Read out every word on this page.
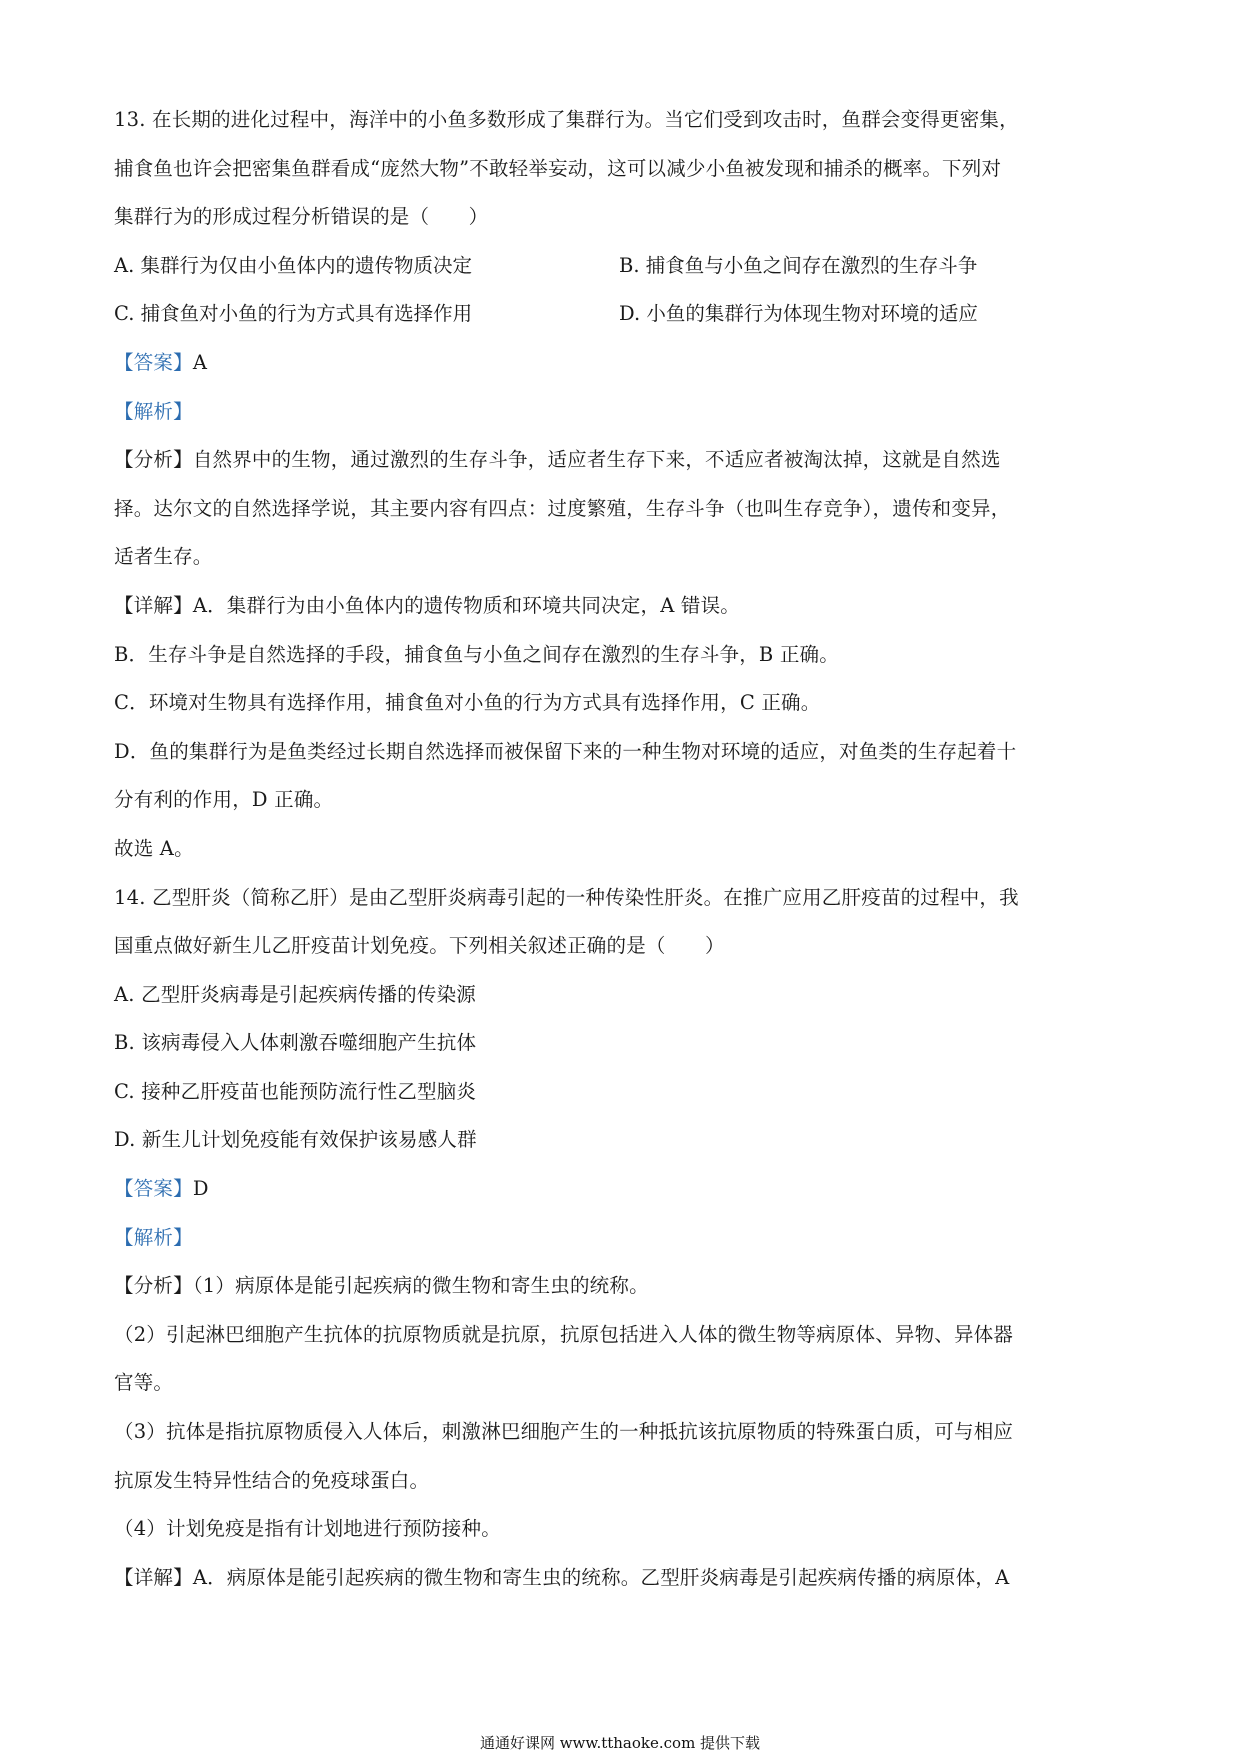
13. 在长期的进化过程中，海洋中的小鱼多数形成了集群行为。当它们受到攻击时，鱼群会变得更密集，
捕食鱼也许会把密集鱼群看成“庞然大物”不敢轻举妄动，这可以减少小鱼被发现和捕杀的概率。下列对
集群行为的形成过程分析错误的是（　　）
A. 集群行为仅由小鱼体内的遗传物质决定	B. 捕食鱼与小鱼之间存在激烈的生存斗争
C. 捕食鱼对小鱼的行为方式具有选择作用	D. 小鱼的集群行为体现生物对环境的适应
【答案】A
【解析】
【分析】自然界中的生物，通过激烈的生存斗争，适应者生存下来，不适应者被淘汰掉，这就是自然选
择。达尔文的自然选择学说，其主要内容有四点：过度繁殖，生存斗争（也叫生存竞争），遗传和变异，
适者生存。
【详解】A．集群行为由小鱼体内的遗传物质和环境共同决定，A 错误。
B．生存斗争是自然选择的手段，捕食鱼与小鱼之间存在激烈的生存斗争，B 正确。
C．环境对生物具有选择作用，捕食鱼对小鱼的行为方式具有选择作用，C 正确。
D．鱼的集群行为是鱼类经过长期自然选择而被保留下来的一种生物对环境的适应，对鱼类的生存起着十
分有利的作用，D 正确。
故选 A。
14. 乙型肝炎（简称乙肝）是由乙型肝炎病毒引起的一种传染性肝炎。在推广应用乙肝疫苗的过程中，我
国重点做好新生儿乙肝疫苗计划免疫。下列相关叙述正确的是（　　）
A. 乙型肝炎病毒是引起疾病传播的传染源
B. 该病毒侵入人体刺激吞噬细胞产生抗体
C. 接种乙肝疫苗也能预防流行性乙型脑炎
D. 新生儿计划免疫能有效保护该易感人群
【答案】D
【解析】
【分析】（1）病原体是能引起疾病的微生物和寄生虫的统称。
（2）引起淋巴细胞产生抗体的抗原物质就是抗原，抗原包括进入人体的微生物等病原体、异物、异体器
官等。
（3）抗体是指抗原物质侵入人体后，刺激淋巴细胞产生的一种抵抗该抗原物质的特殊蛋白质，可与相应
抗原发生特异性结合的免疫球蛋白。
（4）计划免疫是指有计划地进行预防接种。
【详解】A．病原体是能引起疾病的微生物和寄生虫的统称。乙型肝炎病毒是引起疾病传播的病原体，A
通通好课网 www.tthaoke.com 提供下载
